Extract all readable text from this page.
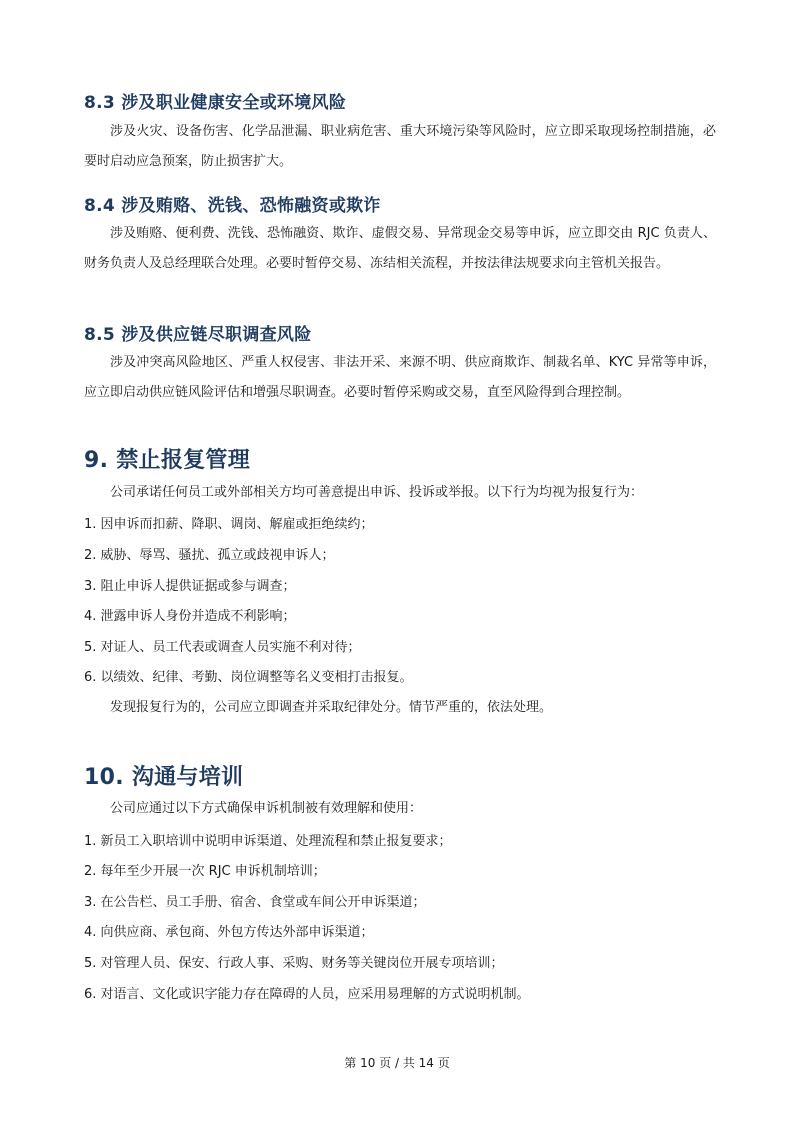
8.3 涉及职业健康安全或环境风险

涉及火灾、设备伤害、化学品泄漏、职业病危害、重大环境污染等风险时，应立即采取现场控制措施，必要时启动应急预案，防止损害扩大。

8.4 涉及贿赂、洗钱、恐怖融资或欺诈

涉及贿赂、便利费、洗钱、恐怖融资、欺诈、虚假交易、异常现金交易等申诉，应立即交由 RJC 负责人、财务负责人及总经理联合处理。必要时暂停交易、冻结相关流程，并按法律法规要求向主管机关报告。

8.5 涉及供应链尽职调查风险

涉及冲突高风险地区、严重人权侵害、非法开采、来源不明、供应商欺诈、制裁名单、KYC 异常等申诉，应立即启动供应链风险评估和增强尽职调查。必要时暂停采购或交易，直至风险得到合理控制。

9. 禁止报复管理

公司承诺任何员工或外部相关方均可善意提出申诉、投诉或举报。以下行为均视为报复行为：

1. 因申诉而扣薪、降职、调岗、解雇或拒绝续约；

2. 威胁、辱骂、骚扰、孤立或歧视申诉人；

3. 阻止申诉人提供证据或参与调查；

4. 泄露申诉人身份并造成不利影响；

5. 对证人、员工代表或调查人员实施不利对待；

6. 以绩效、纪律、考勤、岗位调整等名义变相打击报复。

发现报复行为的，公司应立即调查并采取纪律处分。情节严重的，依法处理。

10. 沟通与培训

公司应通过以下方式确保申诉机制被有效理解和使用：

1. 新员工入职培训中说明申诉渠道、处理流程和禁止报复要求；

2. 每年至少开展一次 RJC 申诉机制培训；

3. 在公告栏、员工手册、宿舍、食堂或车间公开申诉渠道；

4. 向供应商、承包商、外包方传达外部申诉渠道；

5. 对管理人员、保安、行政人事、采购、财务等关键岗位开展专项培训；

6. 对语言、文化或识字能力存在障碍的人员，应采用易理解的方式说明机制。

第 10 页 / 共 14 页
